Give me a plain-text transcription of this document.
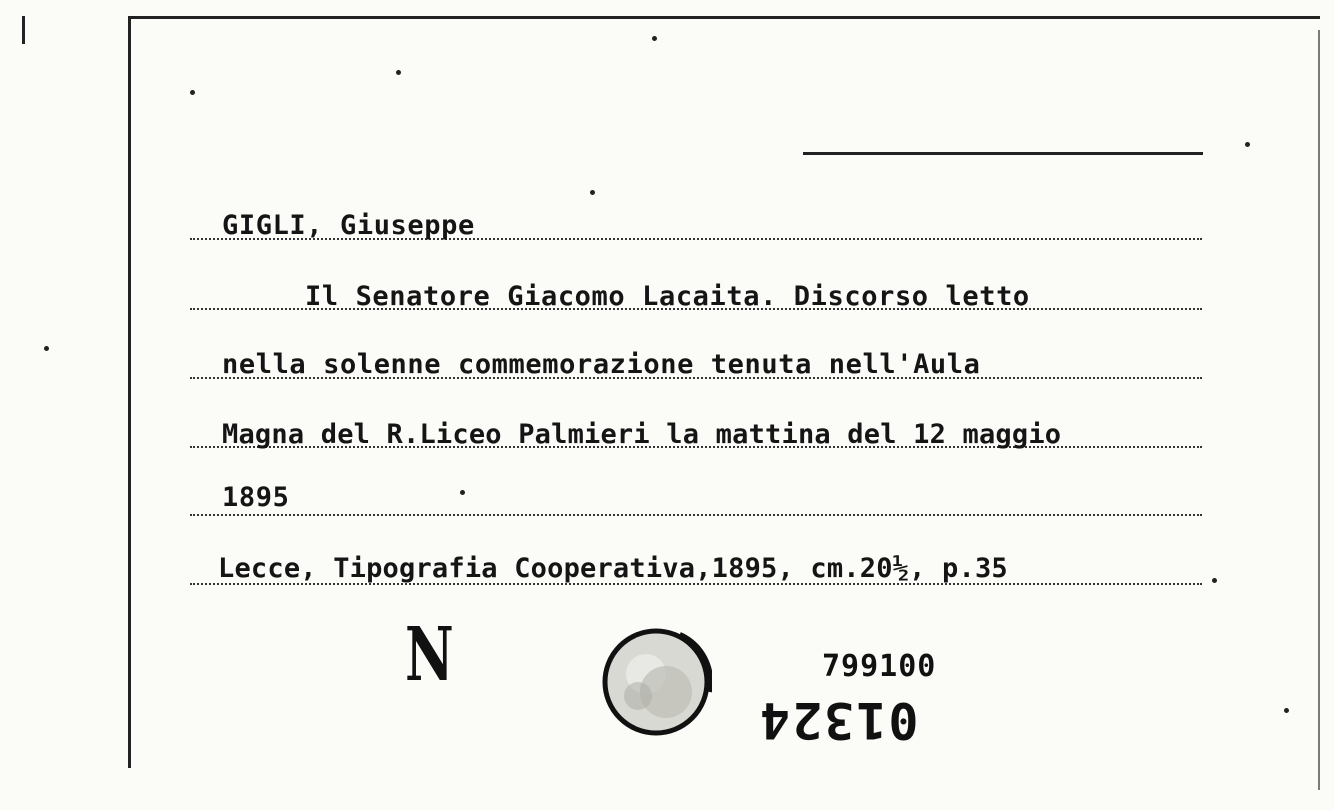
GIGLI, Giuseppe
Il Senatore Giacomo Lacaita. Discorso letto
nella solenne commemorazione tenuta nell'Aula
Magna del R.Liceo Palmieri la mattina del 12 maggio
1895
Lecce, Tipografia Cooperativa,1895, cm.20½, p.35
N	799100
01324
